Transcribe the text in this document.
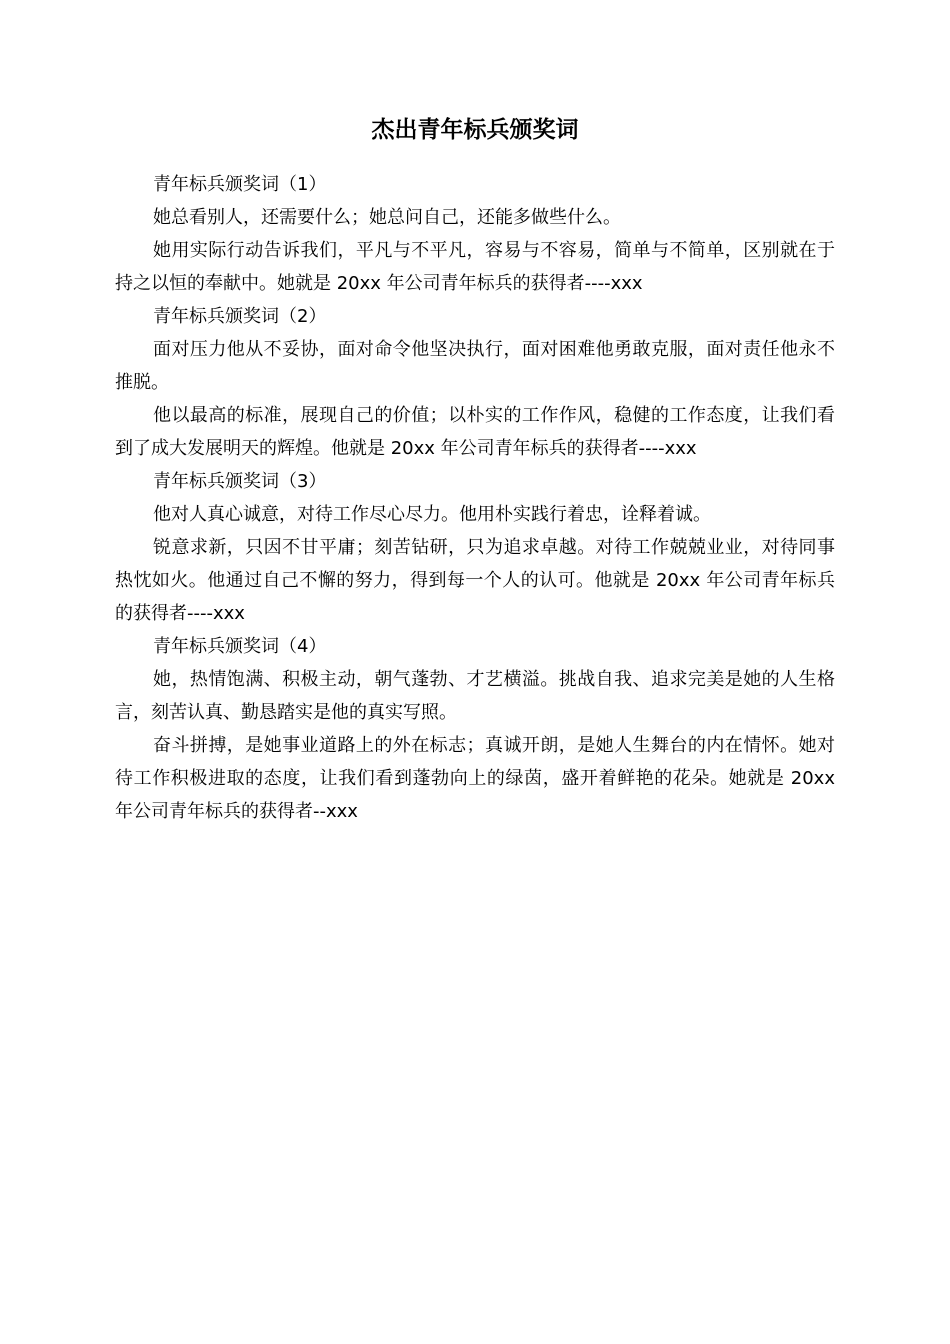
杰出青年标兵颁奖词

青年标兵颁奖词（1）

她总看别人，还需要什么；她总问自己，还能多做些什么。

她用实际行动告诉我们，平凡与不平凡，容易与不容易，简单与不简单，区别就在于持之以恒的奉献中。她就是 20xx 年公司青年标兵的获得者----xxx

青年标兵颁奖词（2）

面对压力他从不妥协，面对命令他坚决执行，面对困难他勇敢克服，面对责任他永不推脱。

他以最高的标准，展现自己的价值；以朴实的工作作风，稳健的工作态度，让我们看到了成大发展明天的辉煌。他就是 20xx 年公司青年标兵的获得者----xxx

青年标兵颁奖词（3）

他对人真心诚意，对待工作尽心尽力。他用朴实践行着忠，诠释着诚。

锐意求新，只因不甘平庸；刻苦钻研，只为追求卓越。对待工作兢兢业业，对待同事热忱如火。他通过自己不懈的努力，得到每一个人的认可。他就是 20xx 年公司青年标兵的获得者----xxx

青年标兵颁奖词（4）

她，热情饱满、积极主动，朝气蓬勃、才艺横溢。挑战自我、追求完美是她的人生格言，刻苦认真、勤恳踏实是他的真实写照。

奋斗拼搏，是她事业道路上的外在标志；真诚开朗，是她人生舞台的内在情怀。她对待工作积极进取的态度，让我们看到蓬勃向上的绿茵，盛开着鲜艳的花朵。她就是 20xx 年公司青年标兵的获得者--xxx
